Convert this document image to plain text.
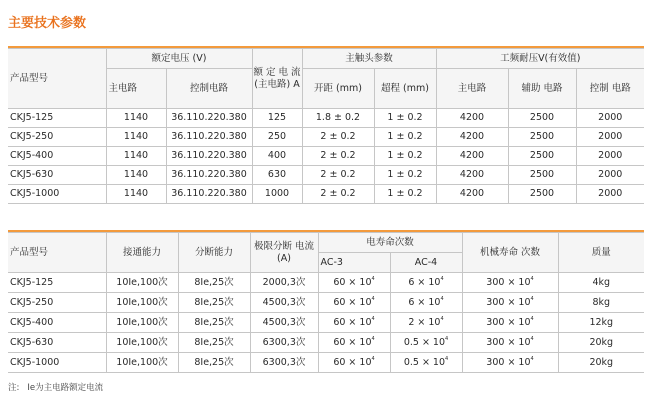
主要技术参数
产品型号	额定电压 (V)		额 定 电 流 (主电路) A	主触头参数		工频耐压V(有效值)		
	主电路	控制电路		开距 (mm)	超程 (mm)	主电路	辅助 电路	控制 电路
CKJ5-125	1140	36.110.220.380	125	1.8 ± 0.2	1 ± 0.2	4200	2500	2000
CKJ5-250	1140	36.110.220.380	250	2 ± 0.2	1 ± 0.2	4200	2500	2000
CKJ5-400	1140	36.110.220.380	400	2 ± 0.2	1 ± 0.2	4200	2500	2000
CKJ5-630	1140	36.110.220.380	630	2 ± 0.2	1 ± 0.2	4200	2500	2000
CKJ5-1000	1140	36.110.220.380	1000	2 ± 0.2	1 ± 0.2	4200	2500	2000
产品型号	接通能力	分断能力	极限分断 电流(A)	电寿命次数		机械寿命 次数	质量
				AC-3	AC-4		
CKJ5-125	10Ie,100次	8Ie,25次	2000,3次	$60 \times 10^4$	$6 \times 10^4$	$300 \times 10^4$	4kg
CKJ5-250	10Ie,100次	8Ie,25次	4500,3次	$60 \times 10^4$	$6 \times 10^4$	$300 \times 10^4$	8kg
CKJ5-400	10Ie,100次	8Ie,25次	4500,3次	$60 \times 10^4$	$2 \times 10^4$	$300 \times 10^4$	12kg
CKJ5-630	10Ie,100次	8Ie,25次	6300,3次	$60 \times 10^4$	$0.5 \times 10^4$	$300 \times 10^4$	20kg
CKJ5-1000	10Ie,100次	8Ie,25次	6300,3次	$60 \times 10^4$	$0.5 \times 10^4$	$300 \times 10^4$	20kg
注: Ie为主电路额定电流
